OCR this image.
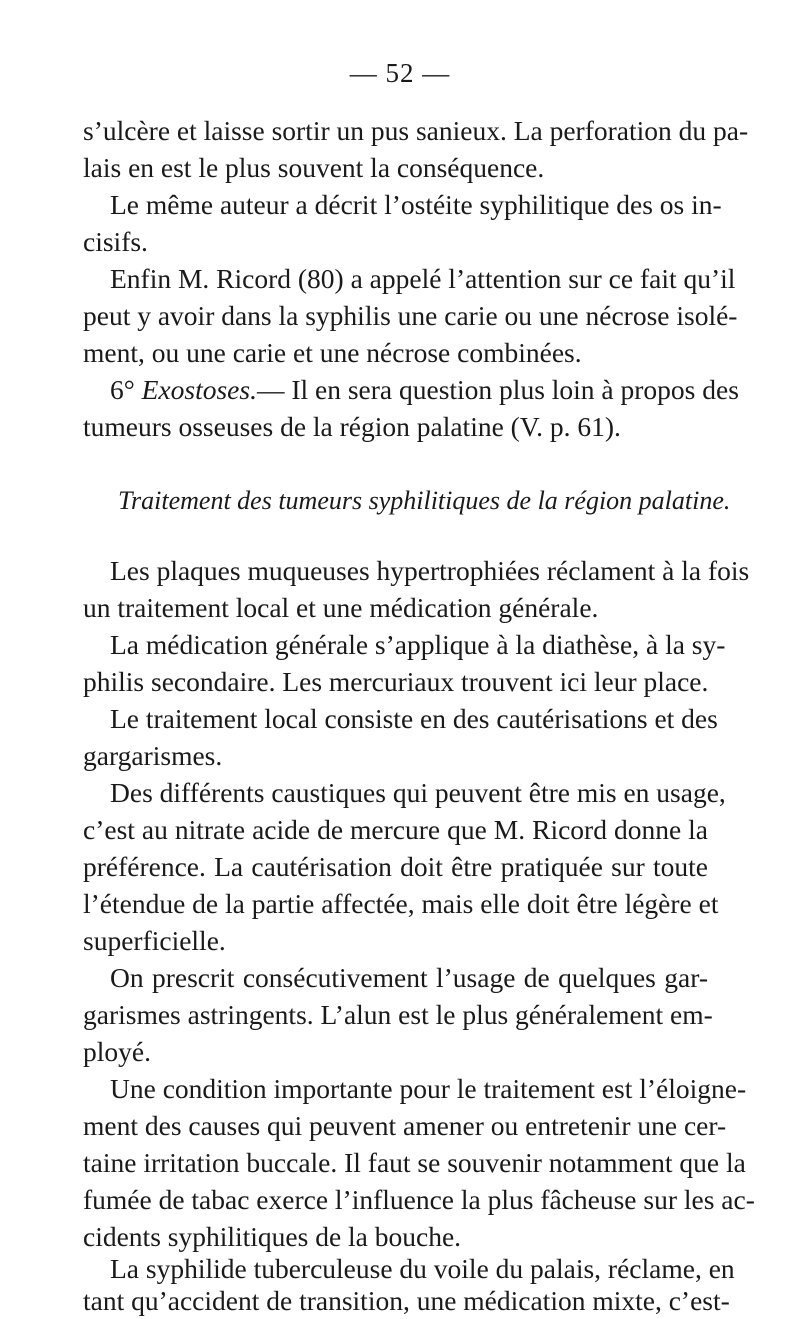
— 52 —
s’ulcère et laisse sortir un pus sanieux. La perforation du pa-
lais en est le plus souvent la conséquence.
Le même auteur a décrit l’ostéite syphilitique des os in-
cisifs.
Enfin M. Ricord (80) a appelé l’attention sur ce fait qu’il
peut y avoir dans la syphilis une carie ou une nécrose isolé-
ment, ou une carie et une nécrose combinées.
6° Exostoses.— Il en sera question plus loin à propos des
tumeurs osseuses de la région palatine (V. p. 61).
Traitement des tumeurs syphilitiques de la région palatine.
Les plaques muqueuses hypertrophiées réclament à la fois
un traitement local et une médication générale.
La médication générale s’applique à la diathèse, à la sy-
philis secondaire. Les mercuriaux trouvent ici leur place.
Le traitement local consiste en des cautérisations et des
gargarismes.
Des différents caustiques qui peuvent être mis en usage,
c’est au nitrate acide de mercure que M. Ricord donne la
préférence. La cautérisation doit être pratiquée sur toute
l’étendue de la partie affectée, mais elle doit être légère et
superficielle.
On prescrit consécutivement l’usage de quelques gar-
garismes astringents. L’alun est le plus généralement em-
ployé.
Une condition importante pour le traitement est l’éloigne-
ment des causes qui peuvent amener ou entretenir une cer-
taine irritation buccale. Il faut se souvenir notamment que la
fumée de tabac exerce l’influence la plus fâcheuse sur les ac-
cidents syphilitiques de la bouche.
La syphilide tuberculeuse du voile du palais, réclame, en
tant qu’accident de transition, une médication mixte, c’est-
